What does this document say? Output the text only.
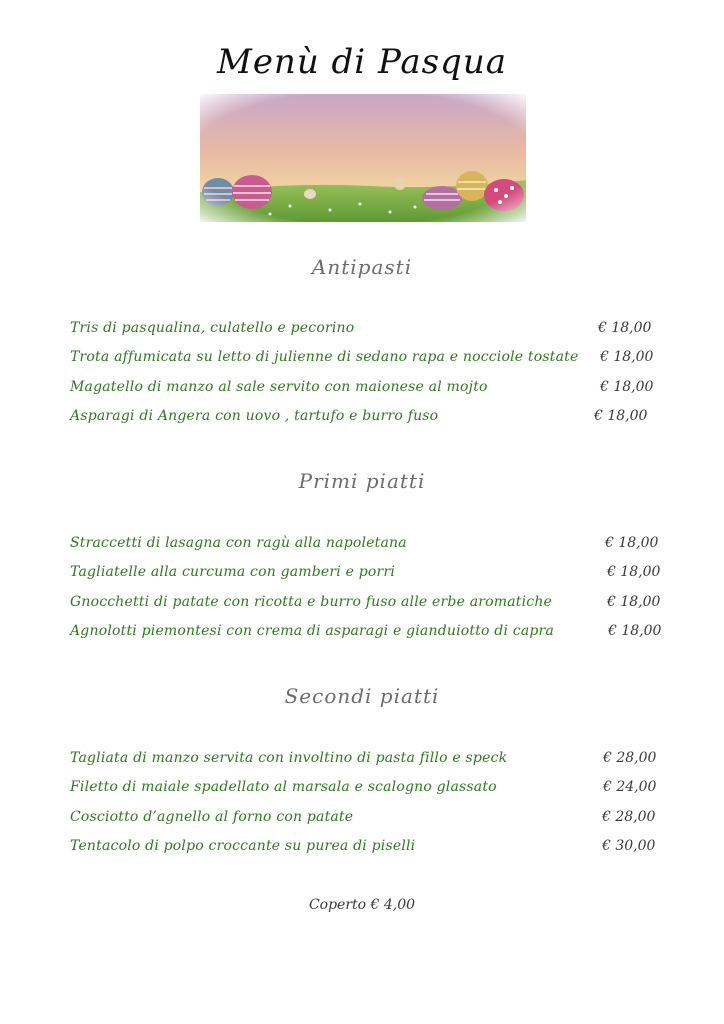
Menù di Pasqua
Antipasti
Tris di pasqualina, culatello e pecorino	€ 18,00
Trota affumicata su letto di julienne di sedano rapa e nocciole tostate € 18,00
Magatello di manzo al sale servito con maionese al mojto	€ 18,00
Asparagi di Angera con uovo , tartufo e burro fuso	€ 18,00
Primi piatti
Straccetti di lasagna con ragù alla napoletana	€ 18,00
Tagliatelle alla curcuma con gamberi e porri	€ 18,00
Gnocchetti di patate con ricotta e burro fuso alle erbe aromatiche	€ 18,00
Agnolotti piemontesi con crema di asparagi e gianduiotto di capra	€ 18,00
Secondi piatti
Tagliata di manzo servita con involtino di pasta fillo e speck	€ 28,00
Filetto di maiale spadellato al marsala e scalogno glassato	€ 24,00
Cosciotto d’agnello al forno con patate	€ 28,00
Tentacolo di polpo croccante su purea di piselli	€ 30,00
Coperto € 4,00
